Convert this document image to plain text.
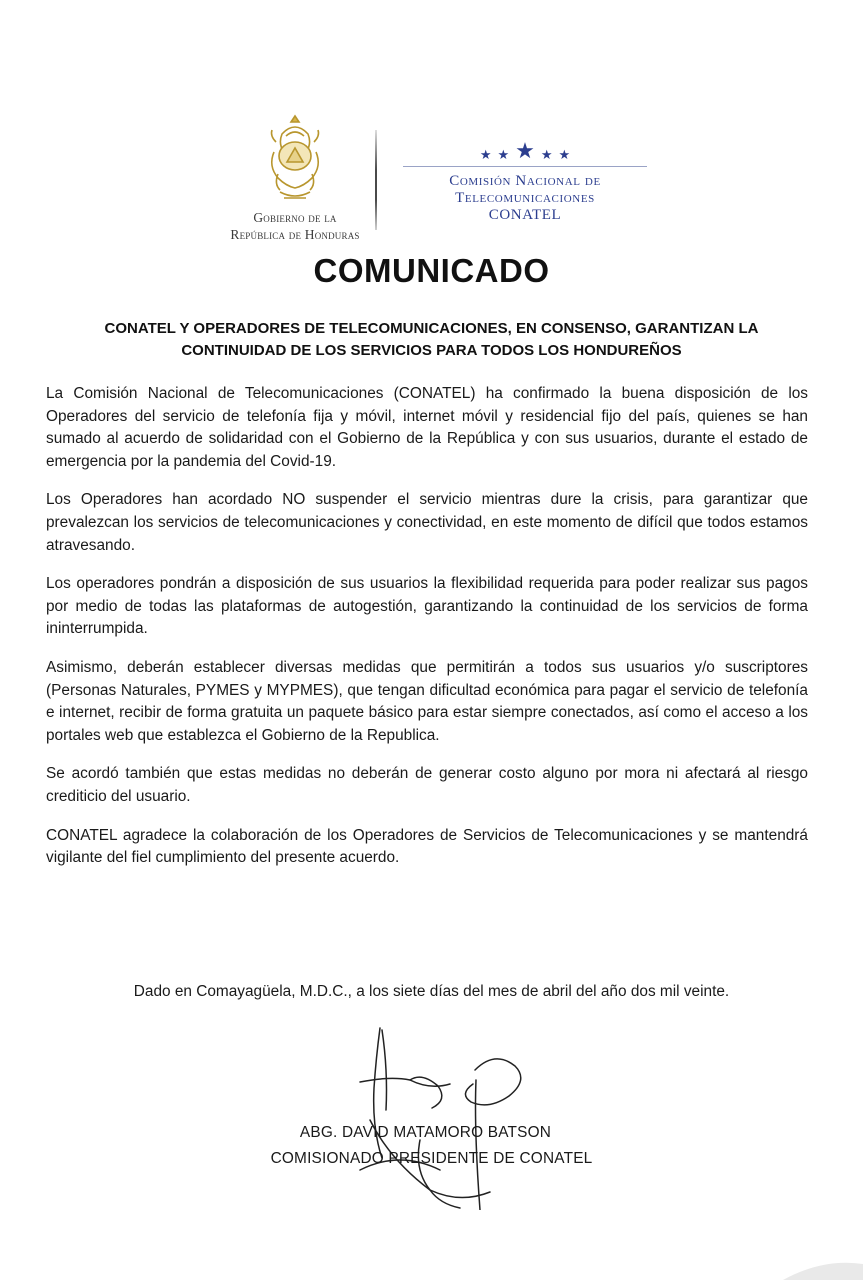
Gobierno de la
República de Honduras
★ ★ ★ ★ ★
Comisión Nacional de
Telecomunicaciones
CONATEL
COMUNICADO
CONATEL Y OPERADORES DE TELECOMUNICACIONES, EN CONSENSO, GARANTIZAN LA
CONTINUIDAD DE LOS SERVICIOS PARA TODOS LOS HONDUREÑOS

La Comisión Nacional de Telecomunicaciones (CONATEL) ha confirmado la buena disposición de los Operadores del servicio de telefonía fija y móvil, internet móvil y residencial fijo del país, quienes se han sumado al acuerdo de solidaridad con el Gobierno de la República y con sus usuarios, durante el estado de emergencia por la pandemia del Covid-19.

Los Operadores han acordado NO suspender el servicio mientras dure la crisis, para garantizar que prevalezcan los servicios de telecomunicaciones y conectividad, en este momento de difícil que todos estamos atravesando.

Los operadores pondrán a disposición de sus usuarios la flexibilidad requerida para poder realizar sus pagos por medio de todas las plataformas de autogestión, garantizando la continuidad de los servicios de forma ininterrumpida.

Asimismo, deberán establecer diversas medidas que permitirán a todos sus usuarios y/o suscriptores (Personas Naturales, PYMES y MYPMES), que tengan dificultad económica para pagar el servicio de telefonía e internet, recibir de forma gratuita un paquete básico para estar siempre conectados, así como el acceso a los portales web que establezca el Gobierno de la Republica.

Se acordó también que estas medidas no deberán de generar costo alguno por mora ni afectará al riesgo crediticio del usuario.

CONATEL agradece la colaboración de los Operadores de Servicios de Telecomunicaciones y se mantendrá vigilante del fiel cumplimiento del presente acuerdo.

Dado en Comayagüela, M.D.C., a los siete días del mes de abril del año dos mil veinte.
ABG. DAVID MATAMORO BATSON
COMISIONADO PRESIDENTE DE CONATEL
